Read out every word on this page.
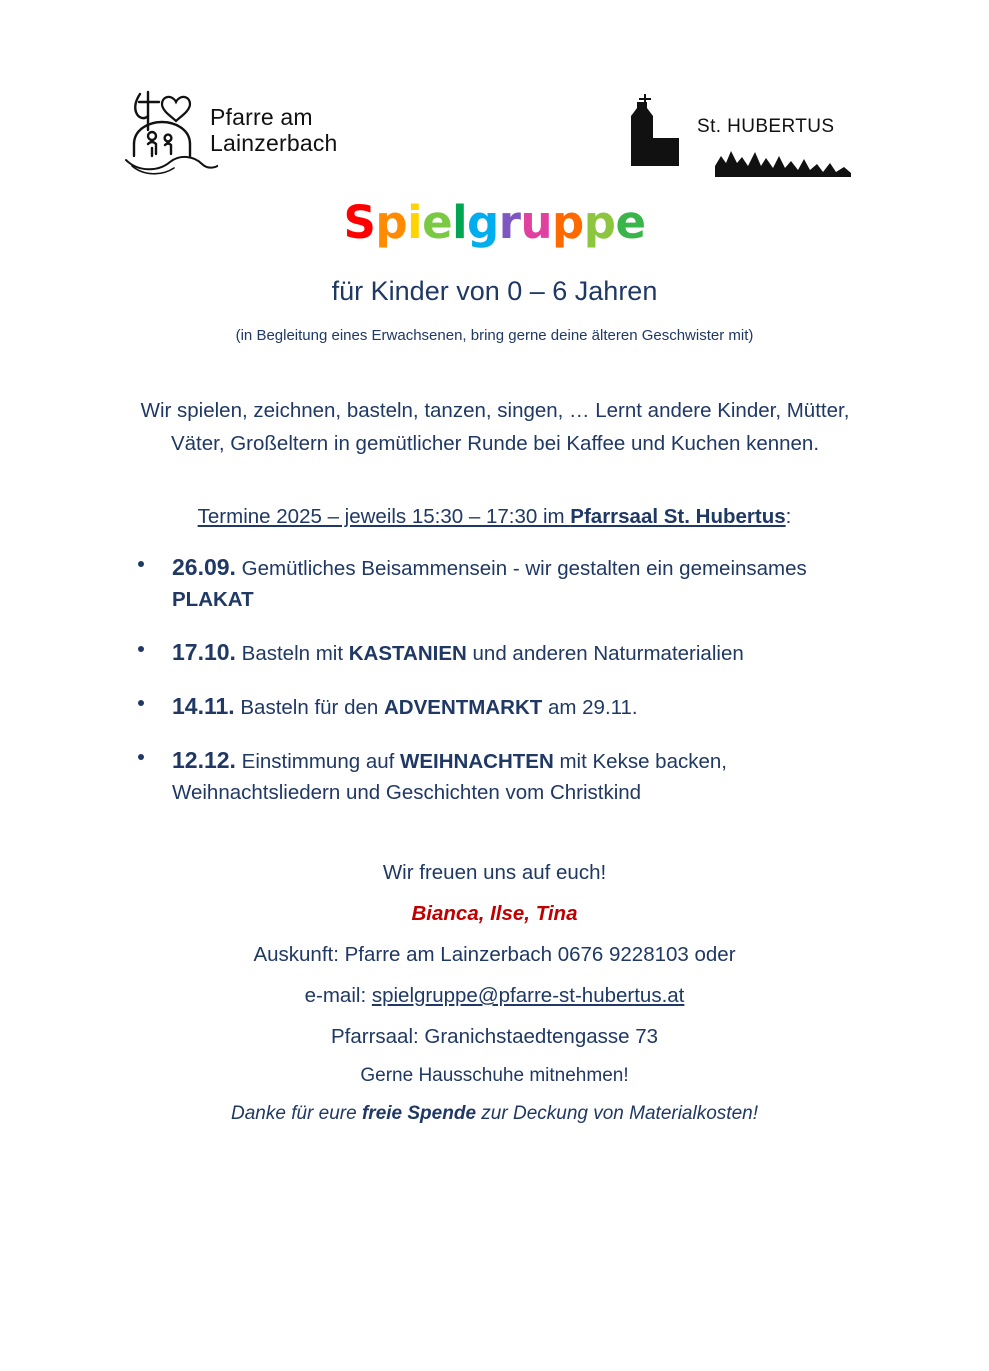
Pfarre am
Lainzerbach
St. HUBERTUS
Spielgruppe
für Kinder von 0 – 6 Jahren
(in Begleitung eines Erwachsenen, bring gerne deine älteren Geschwister mit)
Wir spielen, zeichnen, basteln, tanzen, singen, … Lernt andere Kinder, Mütter, Väter, Großeltern in gemütlicher Runde bei Kaffee und Kuchen kennen.
Termine 2025 – jeweils 15:30 – 17:30 im Pfarrsaal St. Hubertus:
26.09. Gemütliches Beisammensein - wir gestalten ein gemeinsames PLAKAT
17.10. Basteln mit KASTANIEN und anderen Naturmaterialien
14.11. Basteln für den ADVENTMARKT am 29.11.
12.12. Einstimmung auf WEIHNACHTEN mit Kekse backen, Weihnachtsliedern und Geschichten vom Christkind
Wir freuen uns auf euch!
Bianca, Ilse, Tina
Auskunft: Pfarre am Lainzerbach 0676 9228103 oder
e-mail: spielgruppe@pfarre-st-hubertus.at
Pfarrsaal: Granichstaedtengasse 73
Gerne Hausschuhe mitnehmen!
Danke für eure freie Spende zur Deckung von Materialkosten!
